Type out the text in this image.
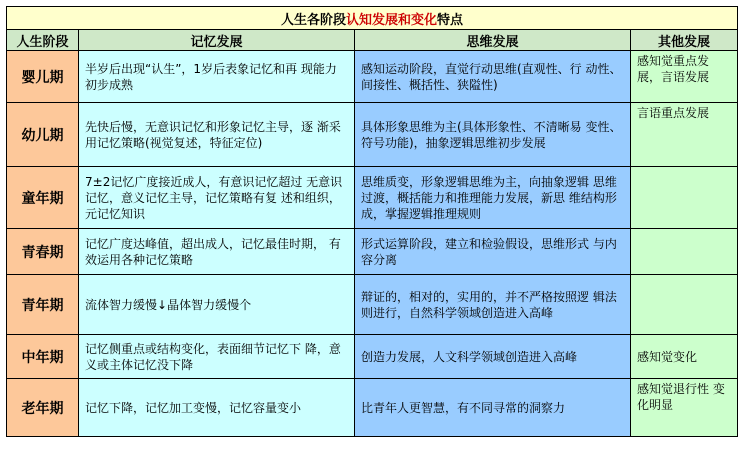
人生各阶段认知发展和变化特点			
人生阶段	记忆发展	思维发展	其他发展
婴儿期	半岁后出现“认生”，1岁后表象记忆和再 现能力初步成熟	感知运动阶段，直觉行动思维(直观性、行 动性、间接性、概括性、狭隘性)	感知觉重点发 展，言语发展
幼儿期	先快后慢，无意识记忆和形象记忆主导，逐 渐采用记忆策略(视觉复述，特征定位)	具体形象思维为主(具体形象性、不清晰易 变性、符号功能)，抽象逻辑思维初步发展	言语重点发展
童年期	7±2记忆广度接近成人，有意识记忆超过 无意识记忆，意义记忆主导，记忆策略有复 述和组织，元记忆知识	思维质变，形象逻辑思维为主，向抽象逻辑 思维过渡，概括能力和推理能力发展，新思 维结构形成，掌握逻辑推理规则	
青春期	记忆广度达峰值，超出成人，记忆最佳时期， 有效运用各种记忆策略	形式运算阶段，建立和检验假设，思维形式 与内容分离	
青年期	流体智力缓慢↓晶体智力缓慢个	辩证的，相对的，实用的，并不严格按照逻 辑法则进行，自然科学领域创造进入高峰	
中年期	记忆侧重点或结构变化，表面细节记忆下 降，意义或主体记忆没下降	创造力发展，人文科学领域创造进入高峰	感知觉变化
老年期	记忆下降，记忆加工变慢，记忆容量变小	比青年人更智慧，有不同寻常的洞察力	感知觉退行性 变化明显
